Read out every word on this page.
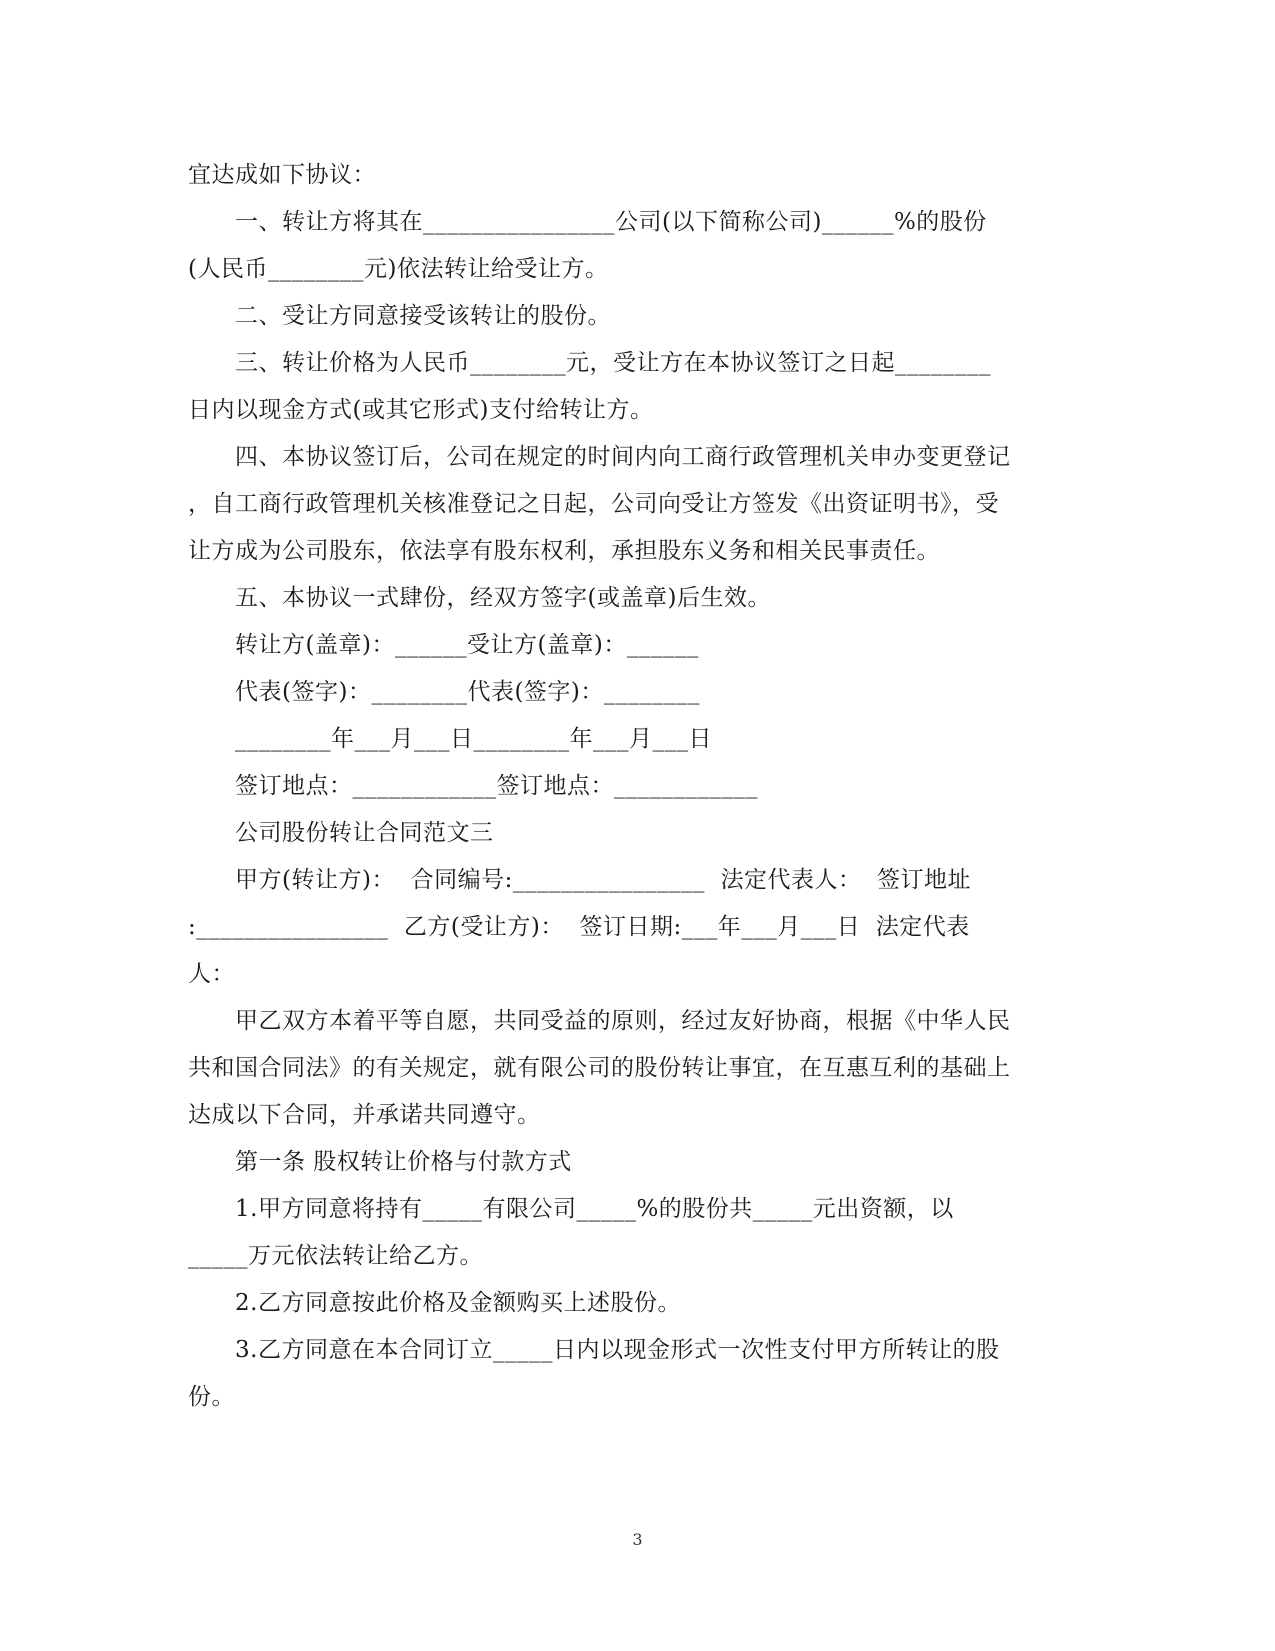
宜达成如下协议：
一、转让方将其在________________公司(以下简称公司)______%的股份
(人民币________元)依法转让给受让方。
二、受让方同意接受该转让的股份。
三、转让价格为人民币________元，受让方在本协议签订之日起________
日内以现金方式(或其它形式)支付给转让方。
四、本协议签订后，公司在规定的时间内向工商行政管理机关申办变更登记
，自工商行政管理机关核准登记之日起，公司向受让方签发《出资证明书》，受
让方成为公司股东，依法享有股东权利，承担股东义务和相关民事责任。
五、本协议一式肆份，经双方签字(或盖章)后生效。
转让方(盖章)：______受让方(盖章)：______
代表(签字)：________代表(签字)：________
________年___月___日________年___月___日
签订地点：____________签订地点：____________
公司股份转让合同范文三
甲方(转让方)：  合同编号:________________  法定代表人：  签订地址
:________________  乙方(受让方)：  签订日期:___年___月___日  法定代表
人：
甲乙双方本着平等自愿，共同受益的原则，经过友好协商，根据《中华人民
共和国合同法》的有关规定，就有限公司的股份转让事宜，在互惠互利的基础上
达成以下合同，并承诺共同遵守。
第一条 股权转让价格与付款方式
1.甲方同意将持有_____有限公司_____%的股份共_____元出资额，以
_____万元依法转让给乙方。
2.乙方同意按此价格及金额购买上述股份。
3.乙方同意在本合同订立_____日内以现金形式一次性支付甲方所转让的股
份。
3
